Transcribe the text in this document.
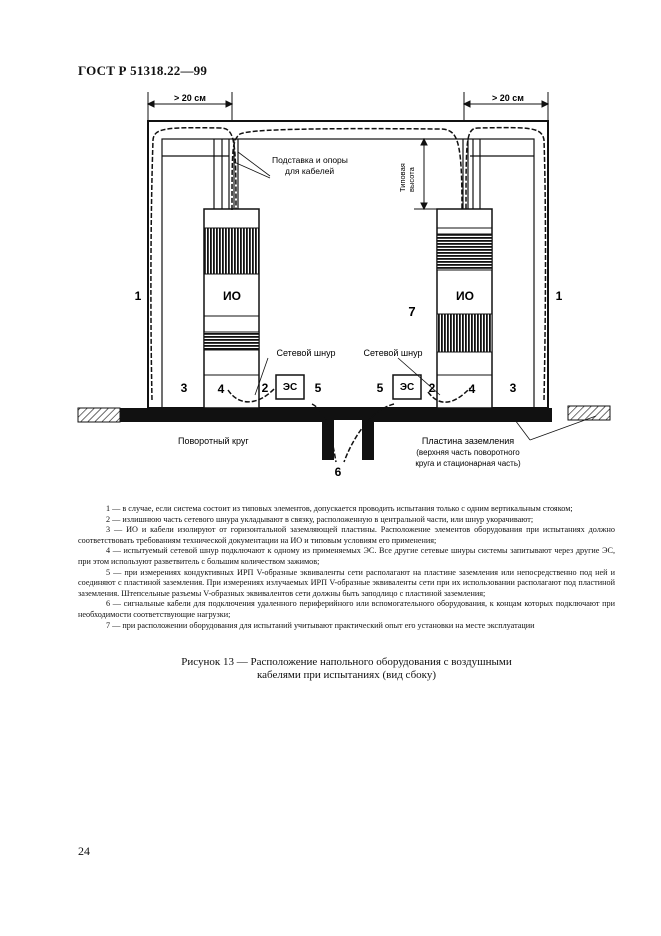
ГОСТ Р 51318.22—99
> 20 см	> 20 см
Подставка и опоры
для кабелей	Типовая высота
ИО	ИО
ЭС	ЭС
1	1
7
Сетевой шнур	Сетевой шнур
3	4	2	5	5	2	4	3
6
Поворотный круг	Пластина заземления
(верхняя часть поворотного
круга и стационарная часть)

1 — в случае, если система состоит из типовых элементов, допускается проводить испытания только с одним вертикальным стояком;

2 — излишнюю часть сетевого шнура укладывают в связку, расположенную в центральной части, или шнур укорачивают;

3 — ИО и кабели изолируют от горизонтальной заземляющей пластины. Расположение элементов оборудования при испытаниях должно соответствовать требованиям технической документации на ИО и типовым условиям его применения;

4 — испытуемый сетевой шнур подключают к одному из применяемых ЭС. Все другие сетевые шнуры системы запитывают через другие ЭС, при этом используют разветвитель с большим количеством зажимов;

5 — при измерениях кондуктивных ИРП V-образные эквиваленты сети располагают на пластине заземления или непосредственно под ней и соединяют с пластиной заземления. При измерениях излучаемых ИРП V-образные эквиваленты сети при их использовании располагают под пластиной заземления. Штепсельные разъемы V-образных эквивалентов сети должны быть заподлицо с пластиной заземления;

6 — сигнальные кабели для подключения удаленного периферийного или вспомогательного оборудования, к концам которых подключают при необходимости соответствующие нагрузки;

7 — при расположении оборудования для испытаний учитывают практический опыт его установки на месте эксплуатации

Рисунок 13 — Расположение напольного оборудования с воздушными
кабелями при испытаниях (вид сбоку)
24
